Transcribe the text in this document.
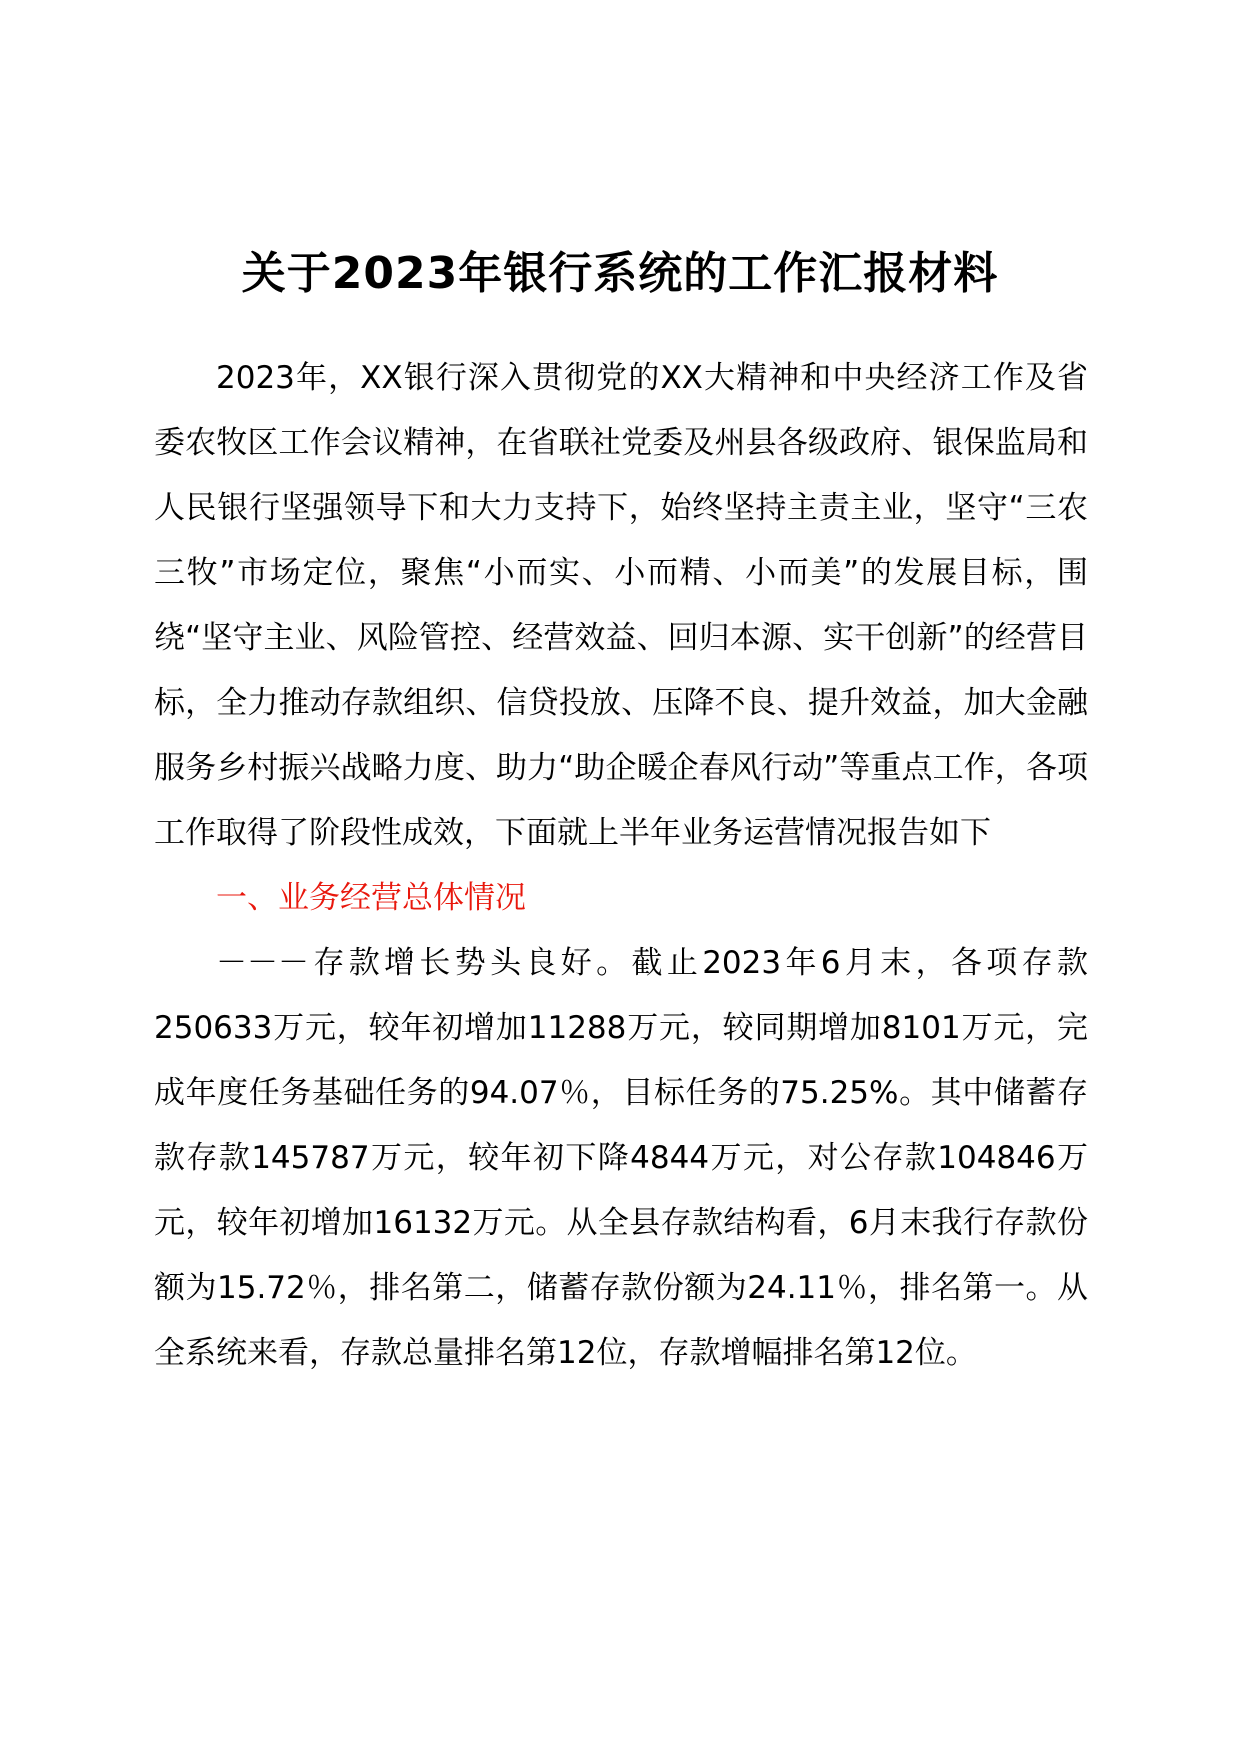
关于2023年银行系统的工作汇报材料

2023年，XX银行深入贯彻党的XX大精神和中央经济工作及省委农牧区工作会议精神，在省联社党委及州县各级政府、银保监局和人民银行坚强领导下和大力支持下，始终坚持主责主业，坚守“三农三牧”市场定位，聚焦“小而实、小而精、小而美”的发展目标，围绕“坚守主业、风险管控、经营效益、回归本源、实干创新”的经营目标，全力推动存款组织、信贷投放、压降不良、提升效益，加大金融服务乡村振兴战略力度、助力“助企暖企春风行动”等重点工作，各项工作取得了阶段性成效，下面就上半年业务运营情况报告如下

一、业务经营总体情况

－－－存款增长势头良好。截止2023年6月末，各项存款250633万元，较年初增加11288万元，较同期增加8101万元，完成年度任务基础任务的94.07％，目标任务的75.25%。其中储蓄存款存款145787万元，较年初下降4844万元，对公存款104846万元，较年初增加16132万元。从全县存款结构看，6月末我行存款份额为15.72％，排名第二，储蓄存款份额为24.11％，排名第一。从全系统来看，存款总量排名第12位，存款增幅排名第12位。
